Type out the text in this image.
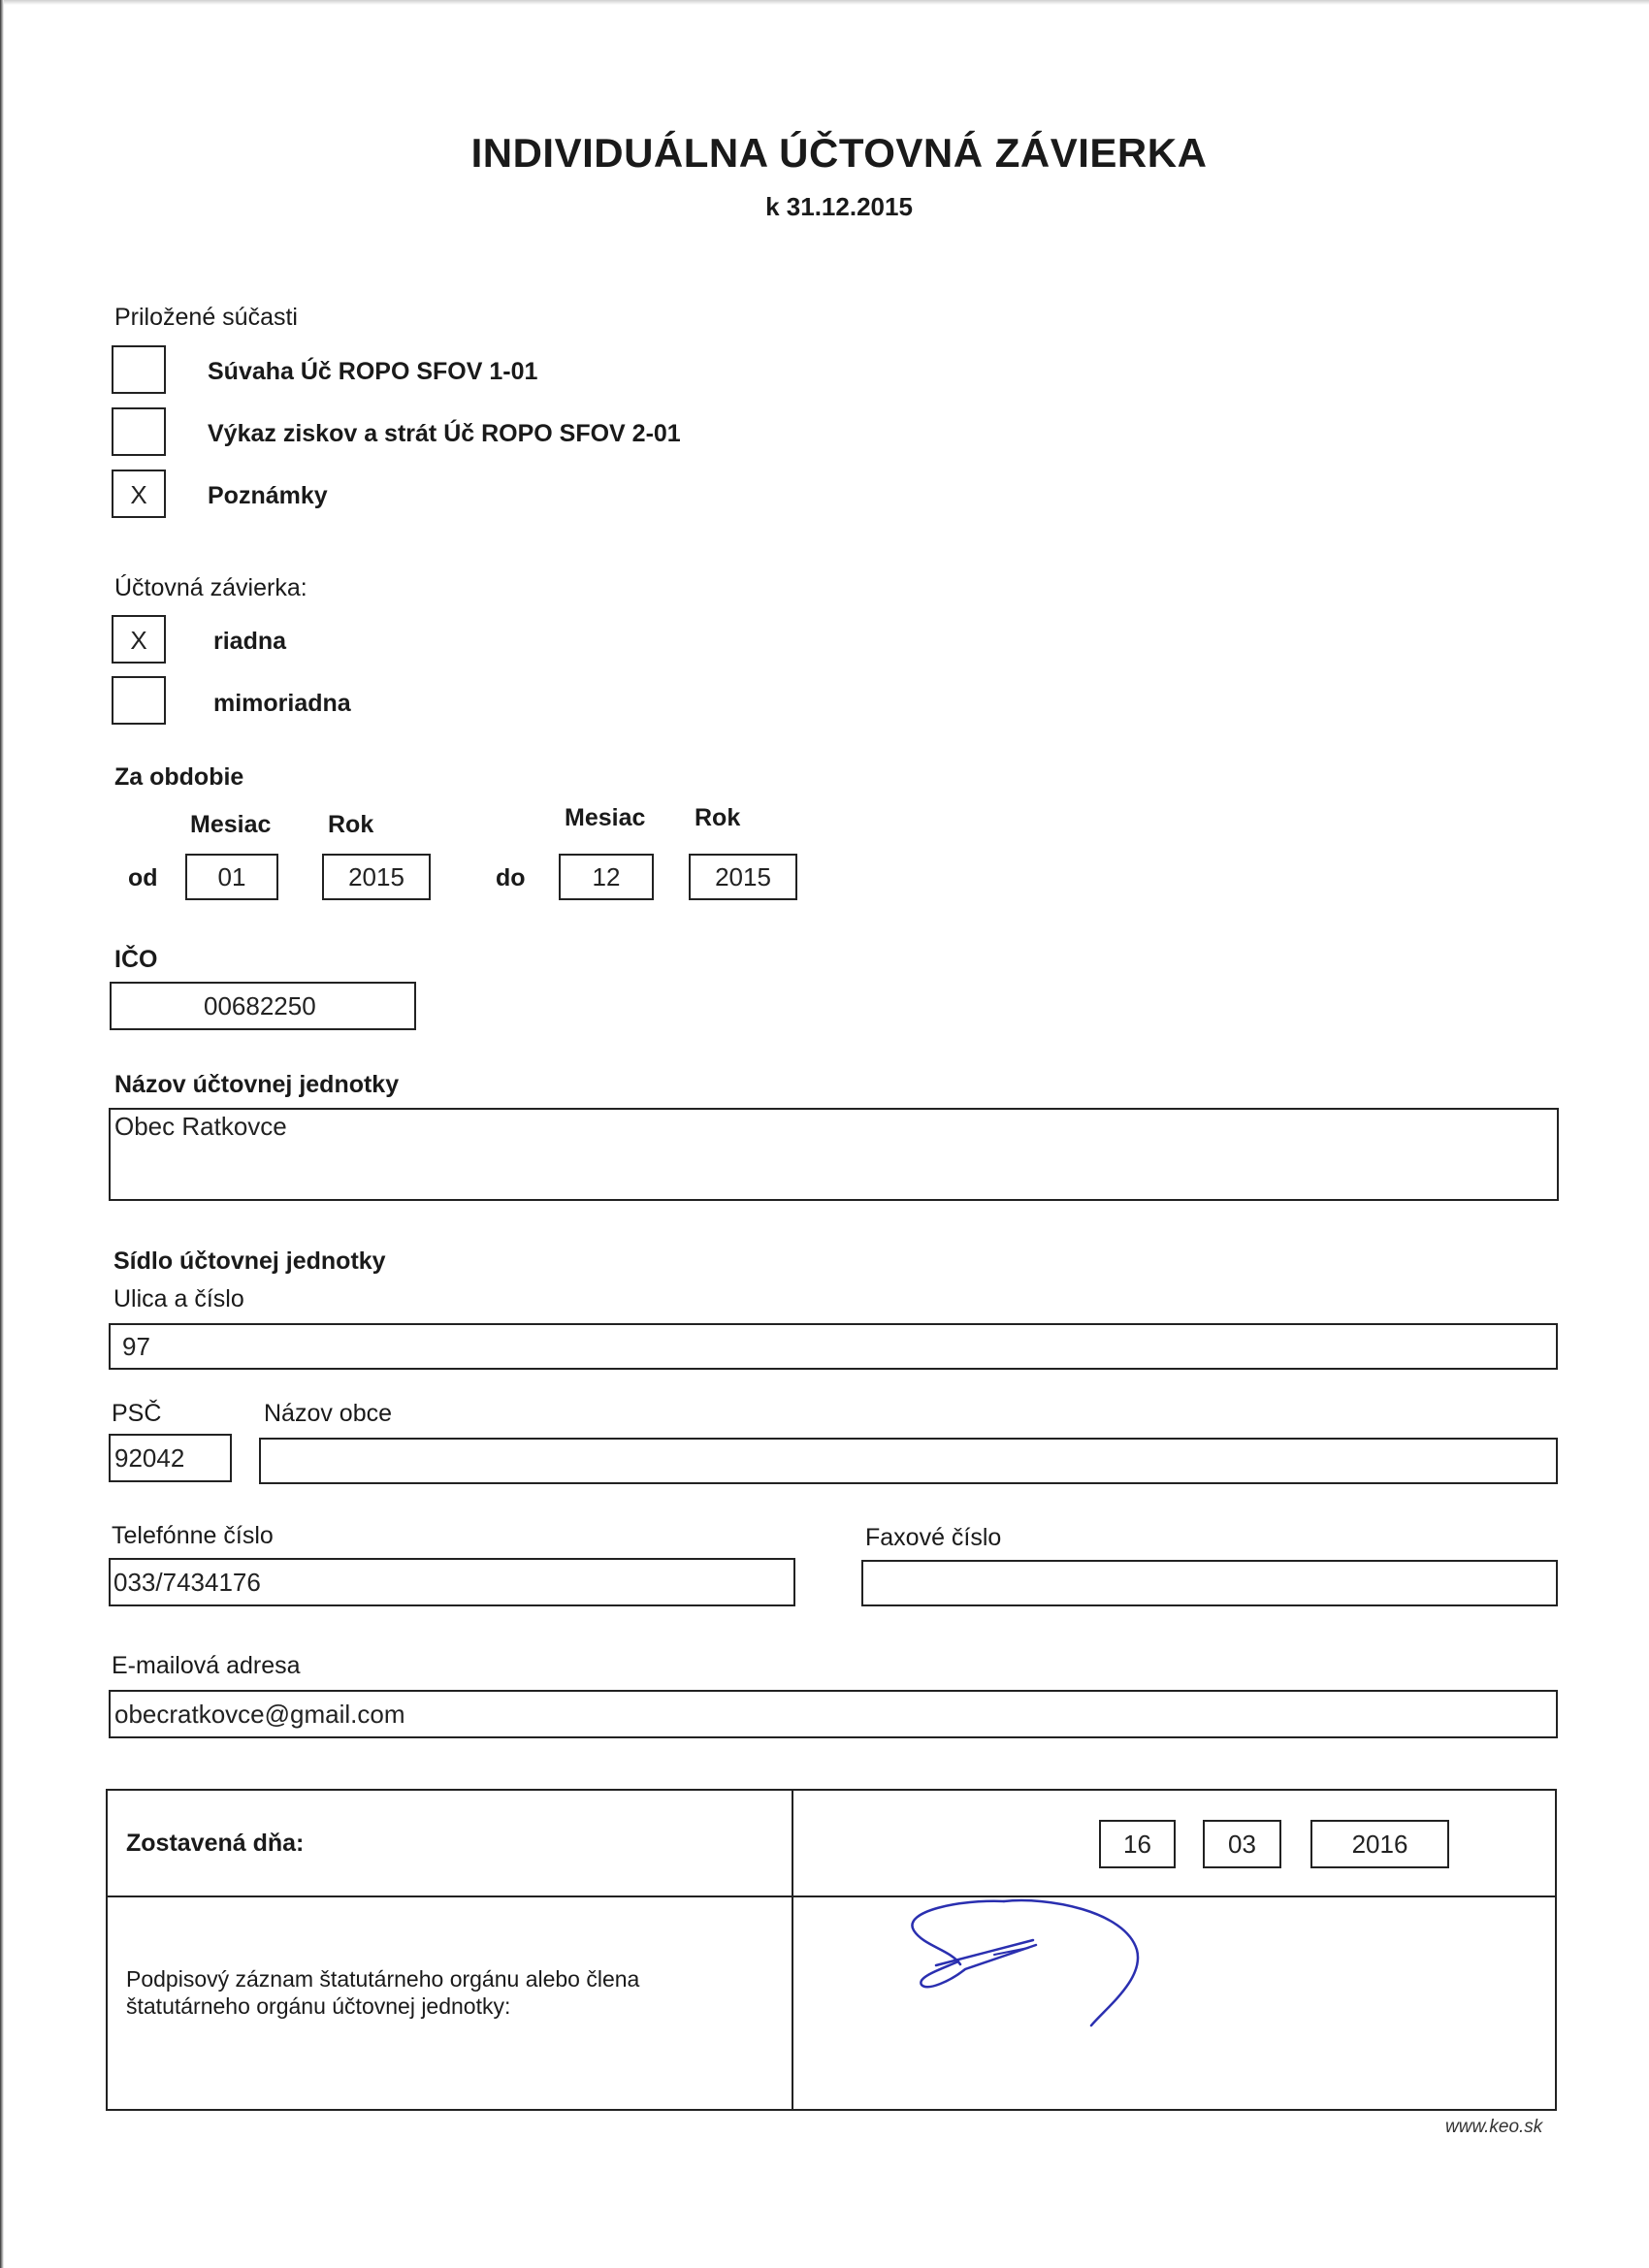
INDIVIDUÁLNA ÚČTOVNÁ ZÁVIERKA
k 31.12.2015
Priložené súčasti
Súvaha Úč ROPO SFOV 1-01
Výkaz ziskov a strát Úč ROPO SFOV 2-01
X	Poznámky
Účtovná závierka:
X	riadna
mimoriadna
Za obdobie
Mesiac Rok	Mesiac Rok
od	01	2015	do	12	2015
IČO
00682250
Názov účtovnej jednotky
Obec Ratkovce
Sídlo účtovnej jednotky
Ulica a číslo
97
PSČ	Názov obce
92042
Telefónne číslo	Faxové číslo
033/7434176
E-mailová adresa
obecratkovce@gmail.com
Zostavená dňa:	16	03	2016
Podpisový záznam štatutárneho orgánu alebo člena štatutárneho orgánu účtovnej jednotky:
www.keo.sk
